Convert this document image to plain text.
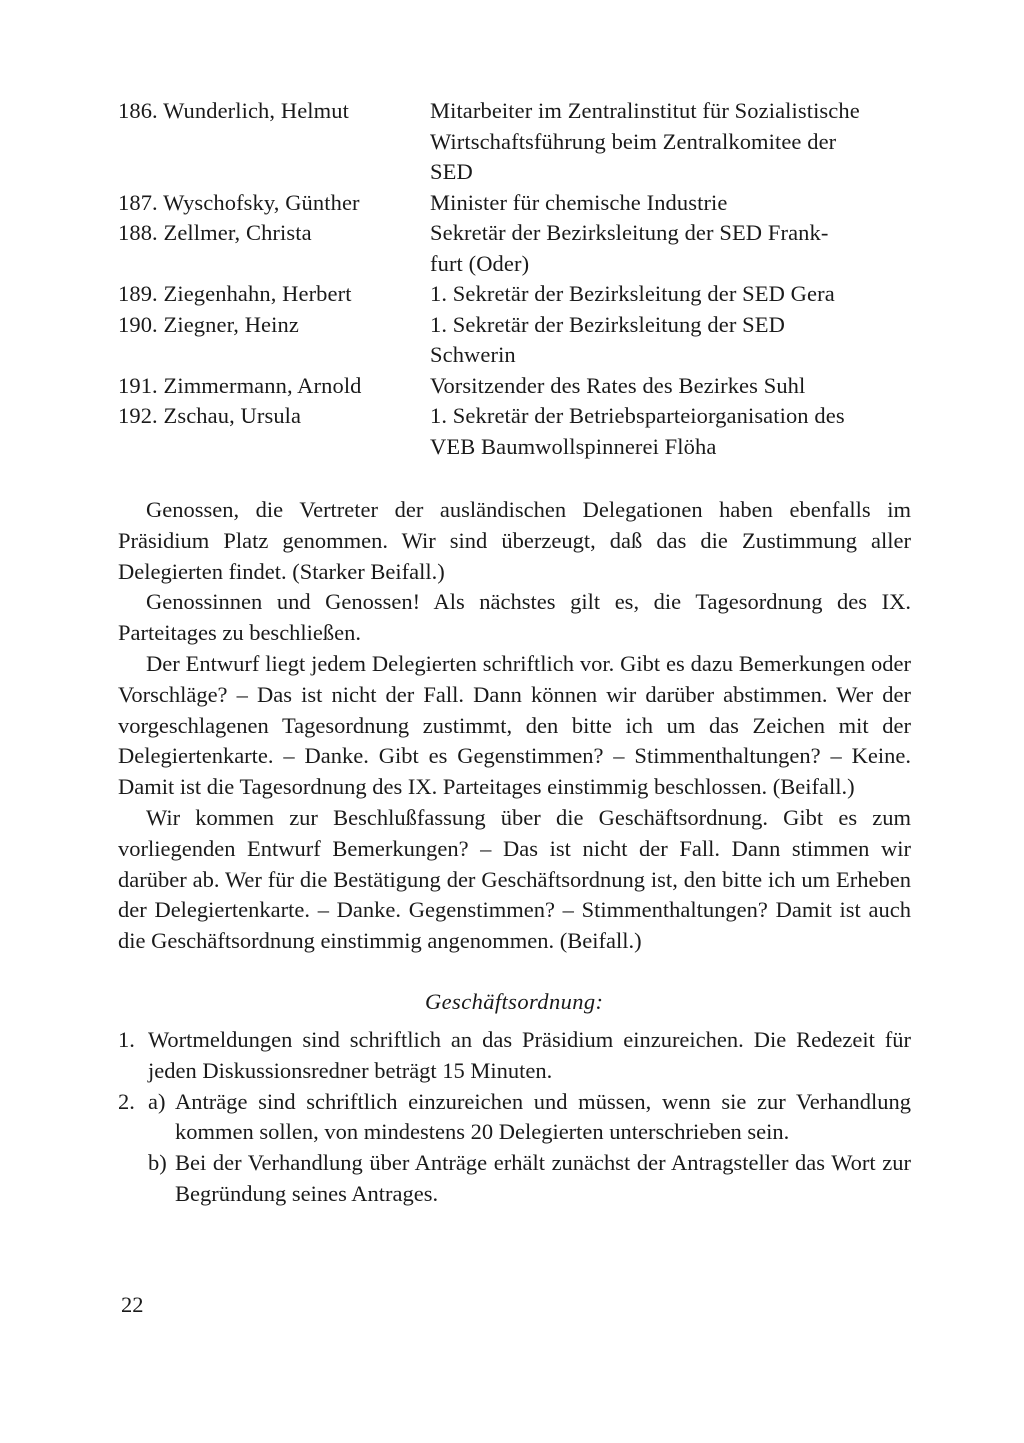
186. Wunderlich, Helmut	Mitarbeiter im Zentralinstitut für Sozialistische
Wirtschaftsführung beim Zentralkomitee der
SED
187. Wyschofsky, Günther	Minister für chemische Industrie
188. Zellmer, Christa	Sekretär der Bezirksleitung der SED Frank-
furt (Oder)
189. Ziegenhahn, Herbert	1. Sekretär der Bezirksleitung der SED Gera
190. Ziegner, Heinz	1. Sekretär der Bezirksleitung der SED
Schwerin
191. Zimmermann, Arnold	Vorsitzender des Rates des Bezirkes Suhl
192. Zschau, Ursula	1. Sekretär der Betriebsparteiorganisation des
VEB Baumwollspinnerei Flöha

Genossen, die Vertreter der ausländischen Delegationen haben ebenfalls im Präsidium Platz genommen. Wir sind überzeugt, daß das die Zustimmung aller Delegierten findet. (Starker Beifall.)

Genossinnen und Genossen! Als nächstes gilt es, die Tagesordnung des IX. Parteitages zu beschließen.

Der Entwurf liegt jedem Delegierten schriftlich vor. Gibt es dazu Bemerkungen oder Vorschläge? – Das ist nicht der Fall. Dann können wir darüber abstimmen. Wer der vorgeschlagenen Tagesordnung zustimmt, den bitte ich um das Zeichen mit der Delegiertenkarte. – Danke. Gibt es Gegenstimmen? – Stimmenthaltungen? – Keine. Damit ist die Tagesordnung des IX. Parteitages einstimmig beschlossen. (Beifall.)

Wir kommen zur Beschlußfassung über die Geschäftsordnung. Gibt es zum vorliegenden Entwurf Bemerkungen? – Das ist nicht der Fall. Dann stimmen wir darüber ab. Wer für die Bestätigung der Geschäftsordnung ist, den bitte ich um Erheben der Delegiertenkarte. – Danke. Gegenstimmen? – Stimmenthaltungen? Damit ist auch die Geschäftsordnung einstimmig angenommen. (Beifall.)

Geschäftsordnung:
1. Wortmeldungen sind schriftlich an das Präsidium einzureichen. Die Redezeit für jeden Diskussionsredner beträgt 15 Minuten.
2. a) Anträge sind schriftlich einzureichen und müssen, wenn sie zur Verhandlung kommen sollen, von mindestens 20 Delegierten unterschrieben sein.
b) Bei der Verhandlung über Anträge erhält zunächst der Antragsteller das Wort zur Begründung seines Antrages.
22
